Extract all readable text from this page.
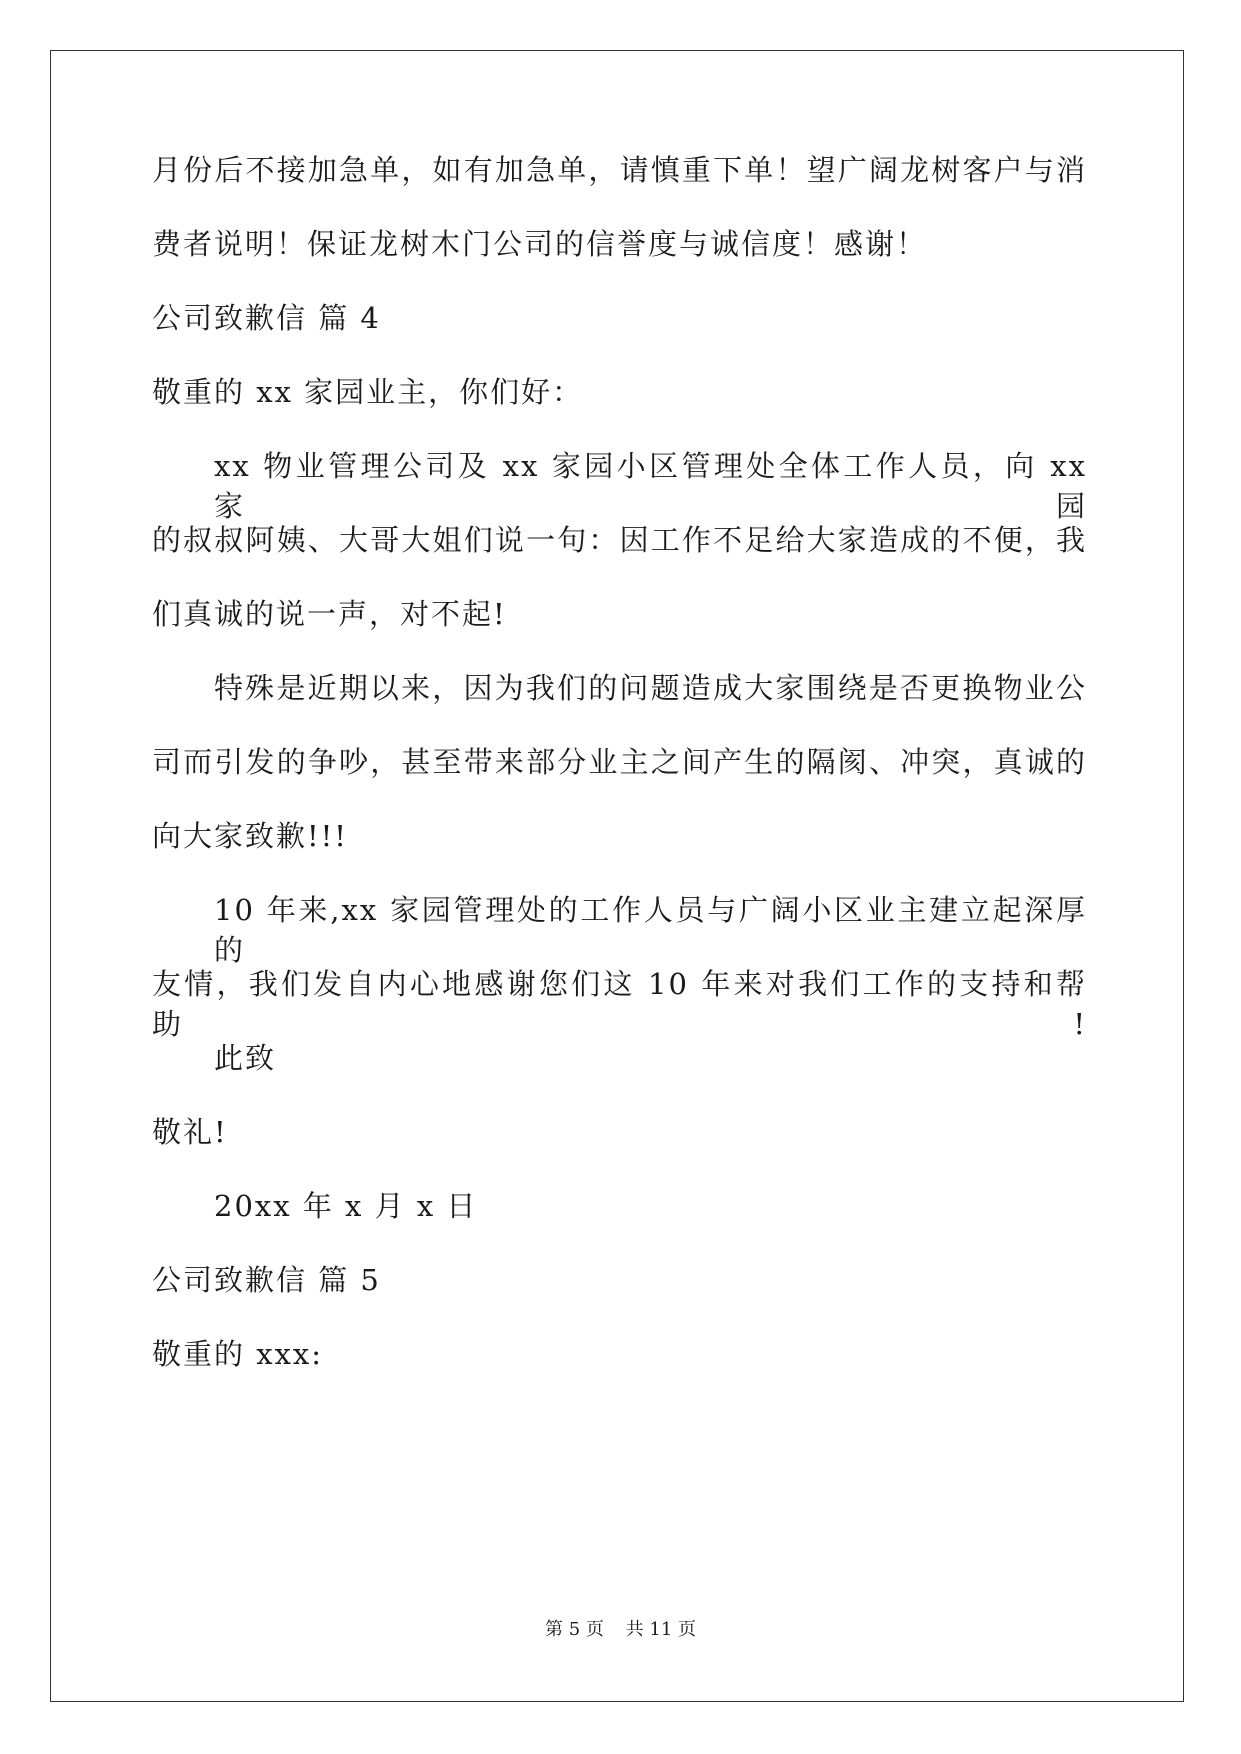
月份后不接加急单，如有加急单，请慎重下单！望广阔龙树客户与消
费者说明！保证龙树木门公司的信誉度与诚信度！感谢！
公司致歉信 篇 4
敬重的 xx 家园业主，你们好：
xx 物业管理公司及 xx 家园小区管理处全体工作人员，向 xx 家园
的叔叔阿姨、大哥大姐们说一句：因工作不足给大家造成的不便，我
们真诚的说一声，对不起!
特殊是近期以来，因为我们的问题造成大家围绕是否更换物业公
司而引发的争吵，甚至带来部分业主之间产生的隔阂、冲突，真诚的
向大家致歉!!!
10 年来,xx 家园管理处的工作人员与广阔小区业主建立起深厚的
友情，我们发自内心地感谢您们这 10 年来对我们工作的支持和帮助!
此致
敬礼!
20xx 年 x 月 x 日
公司致歉信 篇 5
敬重的 xxx:
第 5 页 共 11 页
